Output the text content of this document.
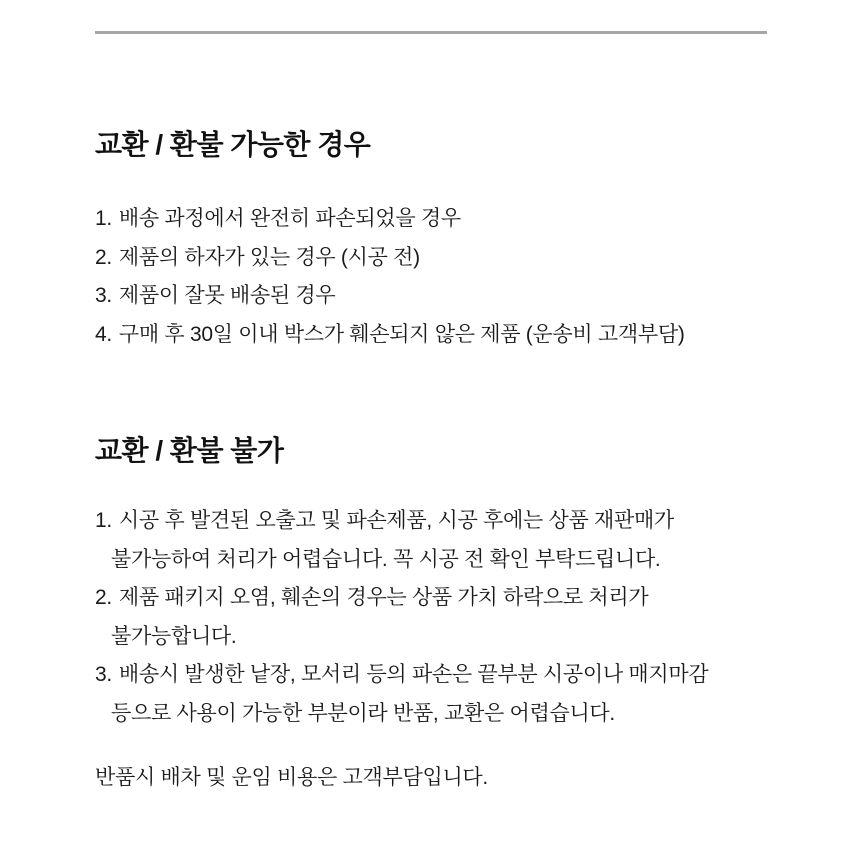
교환 / 환불 가능한 경우
1. 배송 과정에서 완전히 파손되었을 경우
2. 제품의 하자가 있는 경우 (시공 전)
3. 제품이 잘못 배송된 경우
4. 구매 후 30일 이내 박스가 훼손되지 않은 제품 (운송비 고객부담)
교환 / 환불 불가
1. 시공 후 발견된 오출고 및 파손제품, 시공 후에는 상품 재판매가
불가능하여 처리가 어렵습니다. 꼭 시공 전 확인 부탁드립니다.
2. 제품 패키지 오염, 훼손의 경우는 상품 가치 하락으로 처리가
불가능합니다.
3. 배송시 발생한 낱장, 모서리 등의 파손은 끝부분 시공이나 매지마감
등으로 사용이 가능한 부분이라 반품, 교환은 어렵습니다.
반품시 배차 및 운임 비용은 고객부담입니다.
